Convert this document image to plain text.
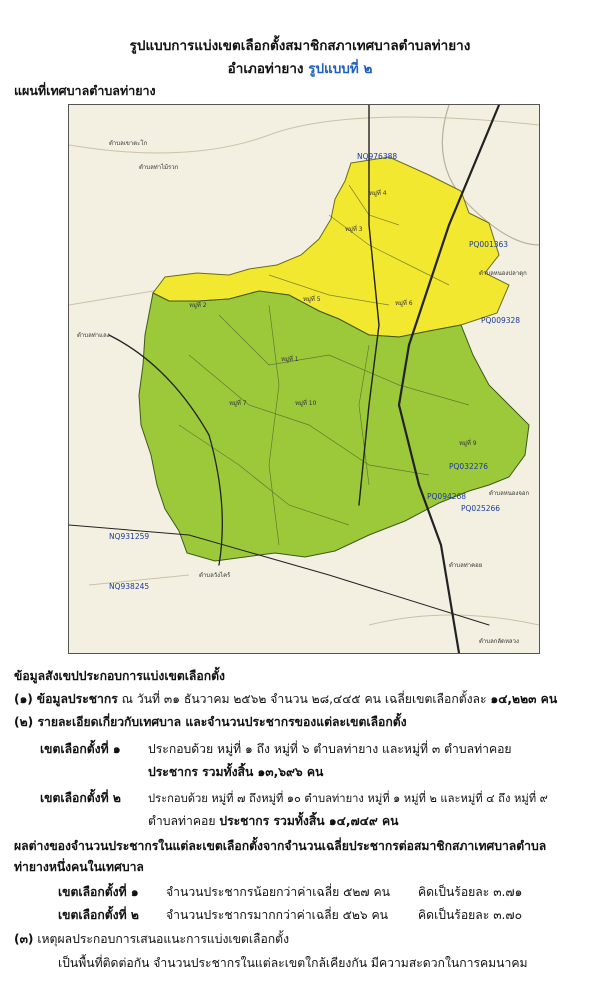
รูปแบบการแบ่งเขตเลือกตั้งสมาชิกสภาเทศบาลตำบลท่ายาง
อำเภอท่ายาง รูปแบบที่ ๒
แผนที่เทศบาลตำบลท่ายาง
NQ976388
PQ001363
PQ009328
PQ032276
PQ094268
PQ025266
NQ931259
NQ938245
ตำบลเขาตะโก
ตำบลท่าไม้รวก
ตำบลหนองปลาดุก
หมู่ที่ 4
หมู่ที่ 3
หมู่ที่ 6
หมู่ที่ 5
หมู่ที่ 2
หมู่ที่ 1
หมู่ที่ 10
หมู่ที่ 7
หมู่ที่ 9
ตำบลหนองจอก
ตำบลท่าคอย
ตำบลกลัดหลวง
ตำบลวังไคร้
ตำบลท่าแลง
ข้อมูลสังเขปประกอบการแบ่งเขตเลือกตั้ง
(๑) ข้อมูลประชากร ณ วันที่ ๓๑ ธันวาคม ๒๕๖๒ จำนวน ๒๘,๔๔๕ คน เฉลี่ยเขตเลือกตั้งละ ๑๔,๒๒๓ คน
(๒) รายละเอียดเกี่ยวกับเทศบาล และจำนวนประชากรของแต่ละเขตเลือกตั้ง
เขตเลือกตั้งที่ ๑ ประกอบด้วย หมู่ที่ ๑ ถึง หมู่ที่ ๖ ตำบลท่ายาง และหมู่ที่ ๓ ตำบลท่าคอย
ประชากร รวมทั้งสิ้น ๑๓,๖๙๖ คน
เขตเลือกตั้งที่ ๒ ประกอบด้วย หมู่ที่ ๗ ถึงหมู่ที่ ๑๐ ตำบลท่ายาง หมู่ที่ ๑ หมู่ที่ ๒ และหมู่ที่ ๔ ถึง หมู่ที่ ๙
ตำบลท่าคอย ประชากร รวมทั้งสิ้น ๑๔,๗๔๙ คน
ผลต่างของจำนวนประชากรในแต่ละเขตเลือกตั้งจากจำนวนเฉลี่ยประชากรต่อสมาชิกสภาเทศบาลตำบล
ท่ายางหนึ่งคนในเทศบาล
เขตเลือกตั้งที่ ๑ จำนวนประชากรน้อยกว่าค่าเฉลี่ย ๕๒๗ คน คิดเป็นร้อยละ ๓.๗๑
เขตเลือกตั้งที่ ๒ จำนวนประชากรมากกว่าค่าเฉลี่ย ๕๒๖ คน คิดเป็นร้อยละ ๓.๗๐
(๓) เหตุผลประกอบการเสนอแนะการแบ่งเขตเลือกตั้ง
เป็นพื้นที่ติดต่อกัน จำนวนประชากรในแต่ละเขตใกล้เคียงกัน มีความสะดวกในการคมนาคม
